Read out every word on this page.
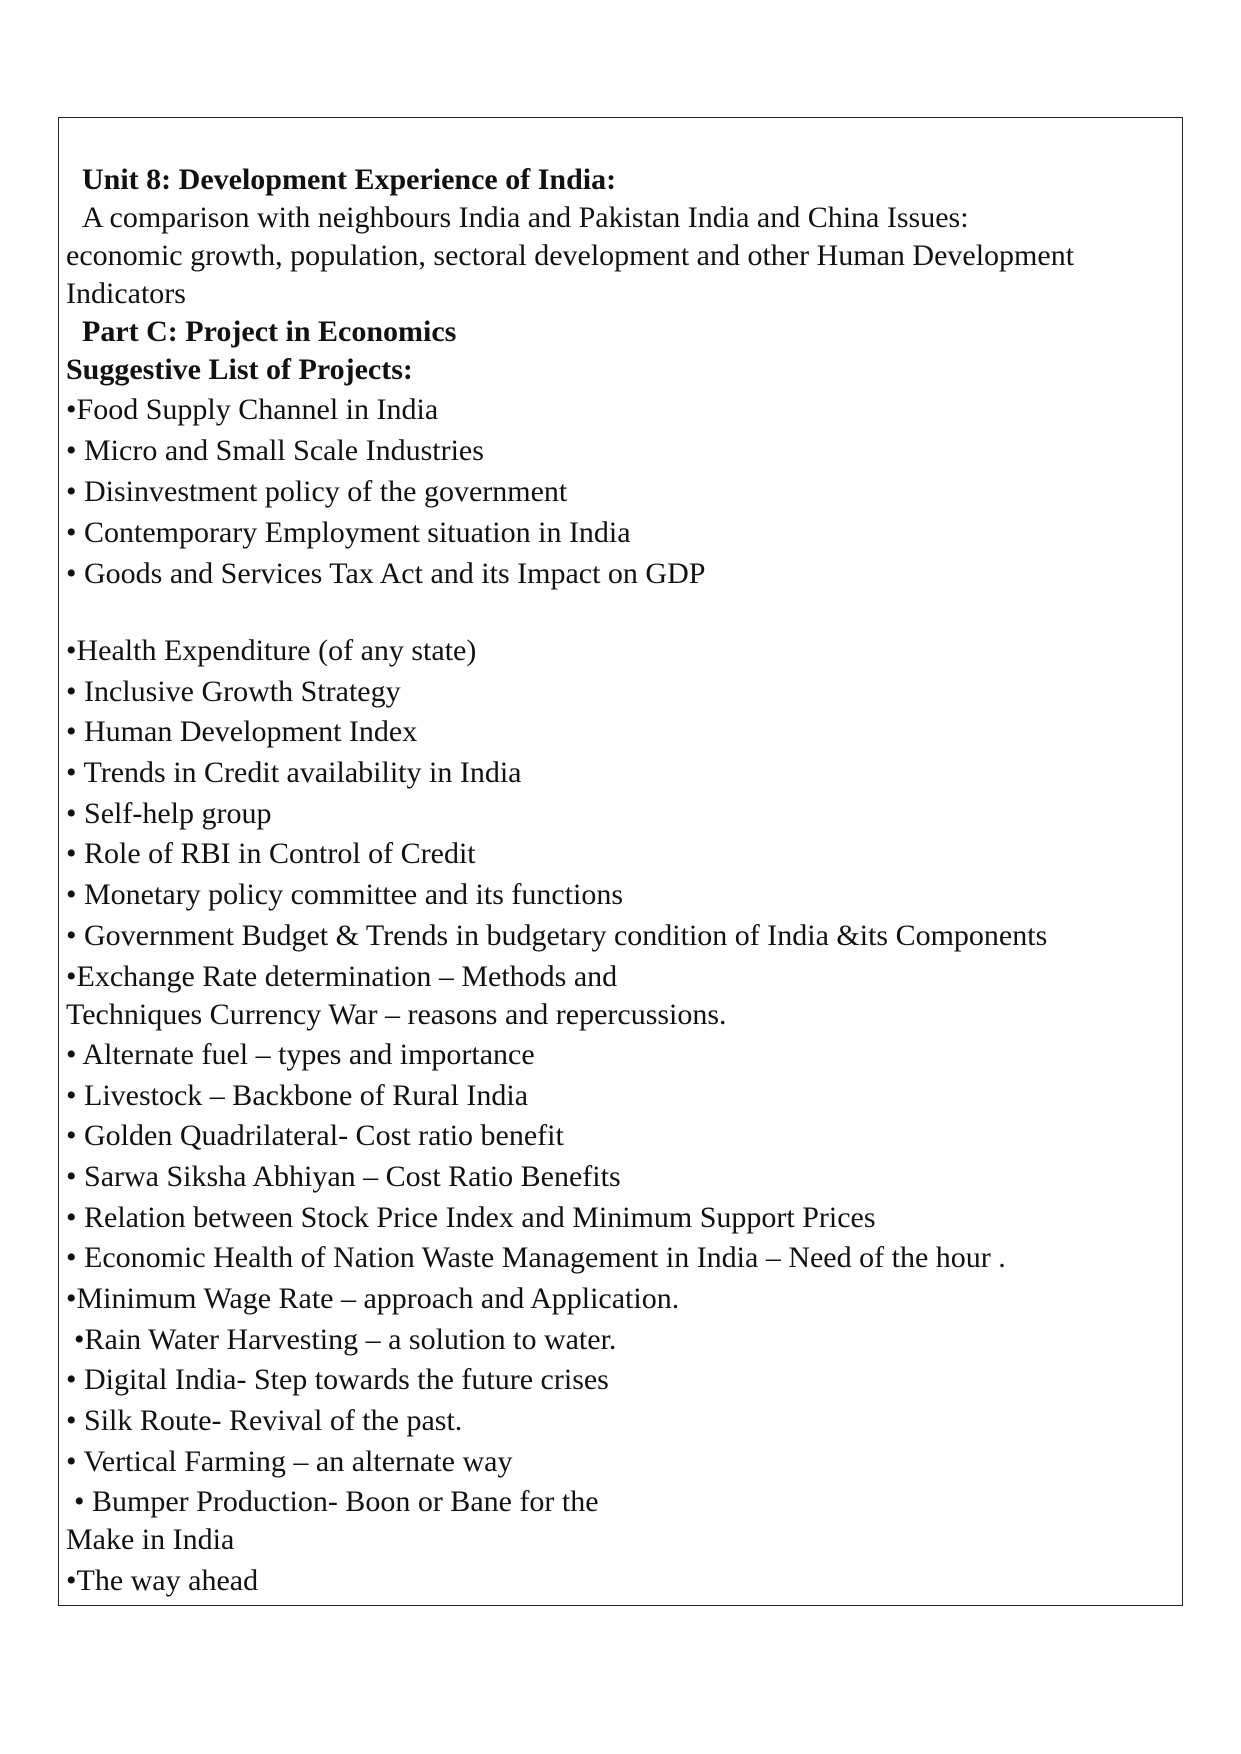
Unit 8: Development Experience of India:

A comparison with neighbours India and Pakistan India and China Issues:

economic growth, population, sectoral development and other Human Development

Indicators

Part C: Project in Economics

Suggestive List of Projects:

•Food Supply Channel in India

• Micro and Small Scale Industries

• Disinvestment policy of the government

• Contemporary Employment situation in India

• Goods and Services Tax Act and its Impact on GDP

•Health Expenditure (of any state)

• Inclusive Growth Strategy

• Human Development Index

• Trends in Credit availability in India

• Self-help group

• Role of RBI in Control of Credit

• Monetary policy committee and its functions

• Government Budget & Trends in budgetary condition of India &its Components

•Exchange Rate determination – Methods and

Techniques Currency War – reasons and repercussions.

• Alternate fuel – types and importance

• Livestock – Backbone of Rural India

• Golden Quadrilateral- Cost ratio benefit

• Sarwa Siksha Abhiyan – Cost Ratio Benefits

• Relation between Stock Price Index and Minimum Support Prices

• Economic Health of Nation Waste Management in India – Need of the hour .

•Minimum Wage Rate – approach and Application.

•Rain Water Harvesting – a solution to water.

• Digital India- Step towards the future crises

• Silk Route- Revival of the past.

• Vertical Farming – an alternate way

• Bumper Production- Boon or Bane for the

Make in India

•The way ahead
